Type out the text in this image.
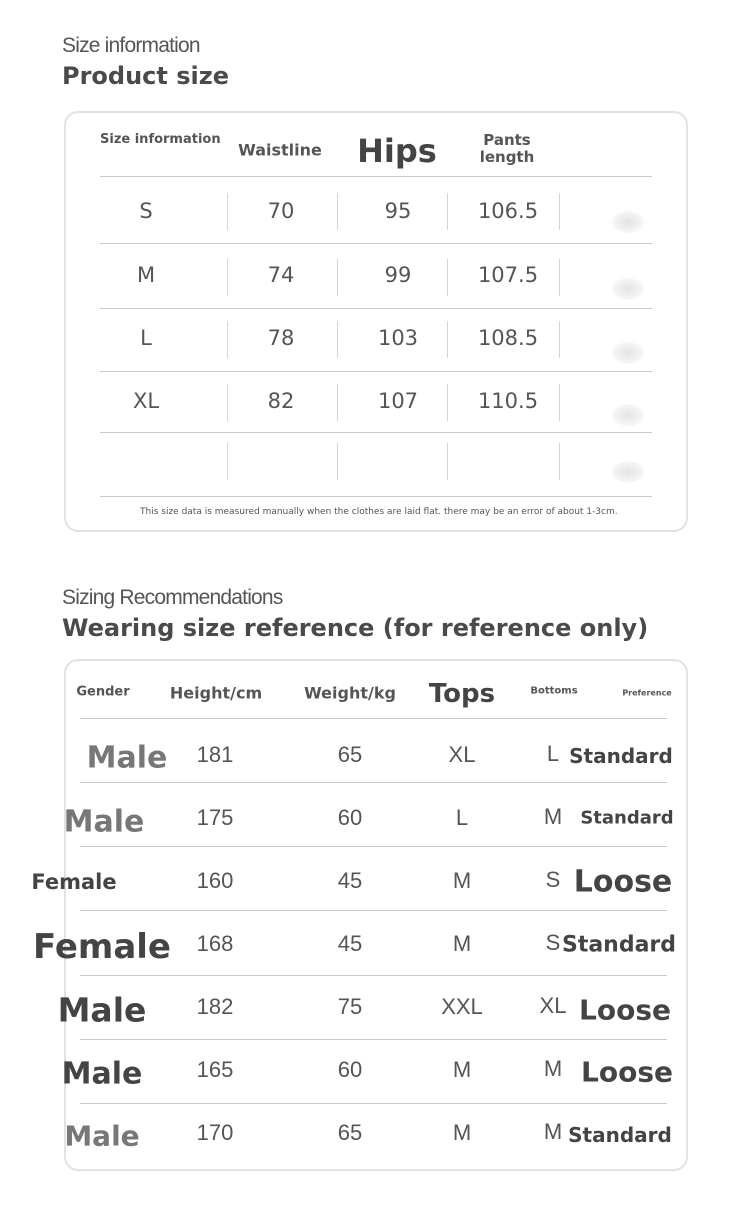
Size information
Product size
Size information
Waistline Hips	Pants length
S	70	95	106.5
M	74	99	107.5
L	78	103	108.5
XL	82	107	110.5
This size data is measured manually when the clothes are laid flat. there may be an error of about 1-3cm.
Sizing Recommendations
Wearing size reference (for reference only)
Gender	Height/cm	Weight/kg Tops	Bottoms	Preference
Male 181	65	XL	L Standard
Male 175	60	L	M Standard
Female	160	45	M	S Loose
Female 168	45	M	S Standard
Male 182	75	XXL	XL Loose
Male 165	60	M	M Loose
Male	170	65	M	M Standard
